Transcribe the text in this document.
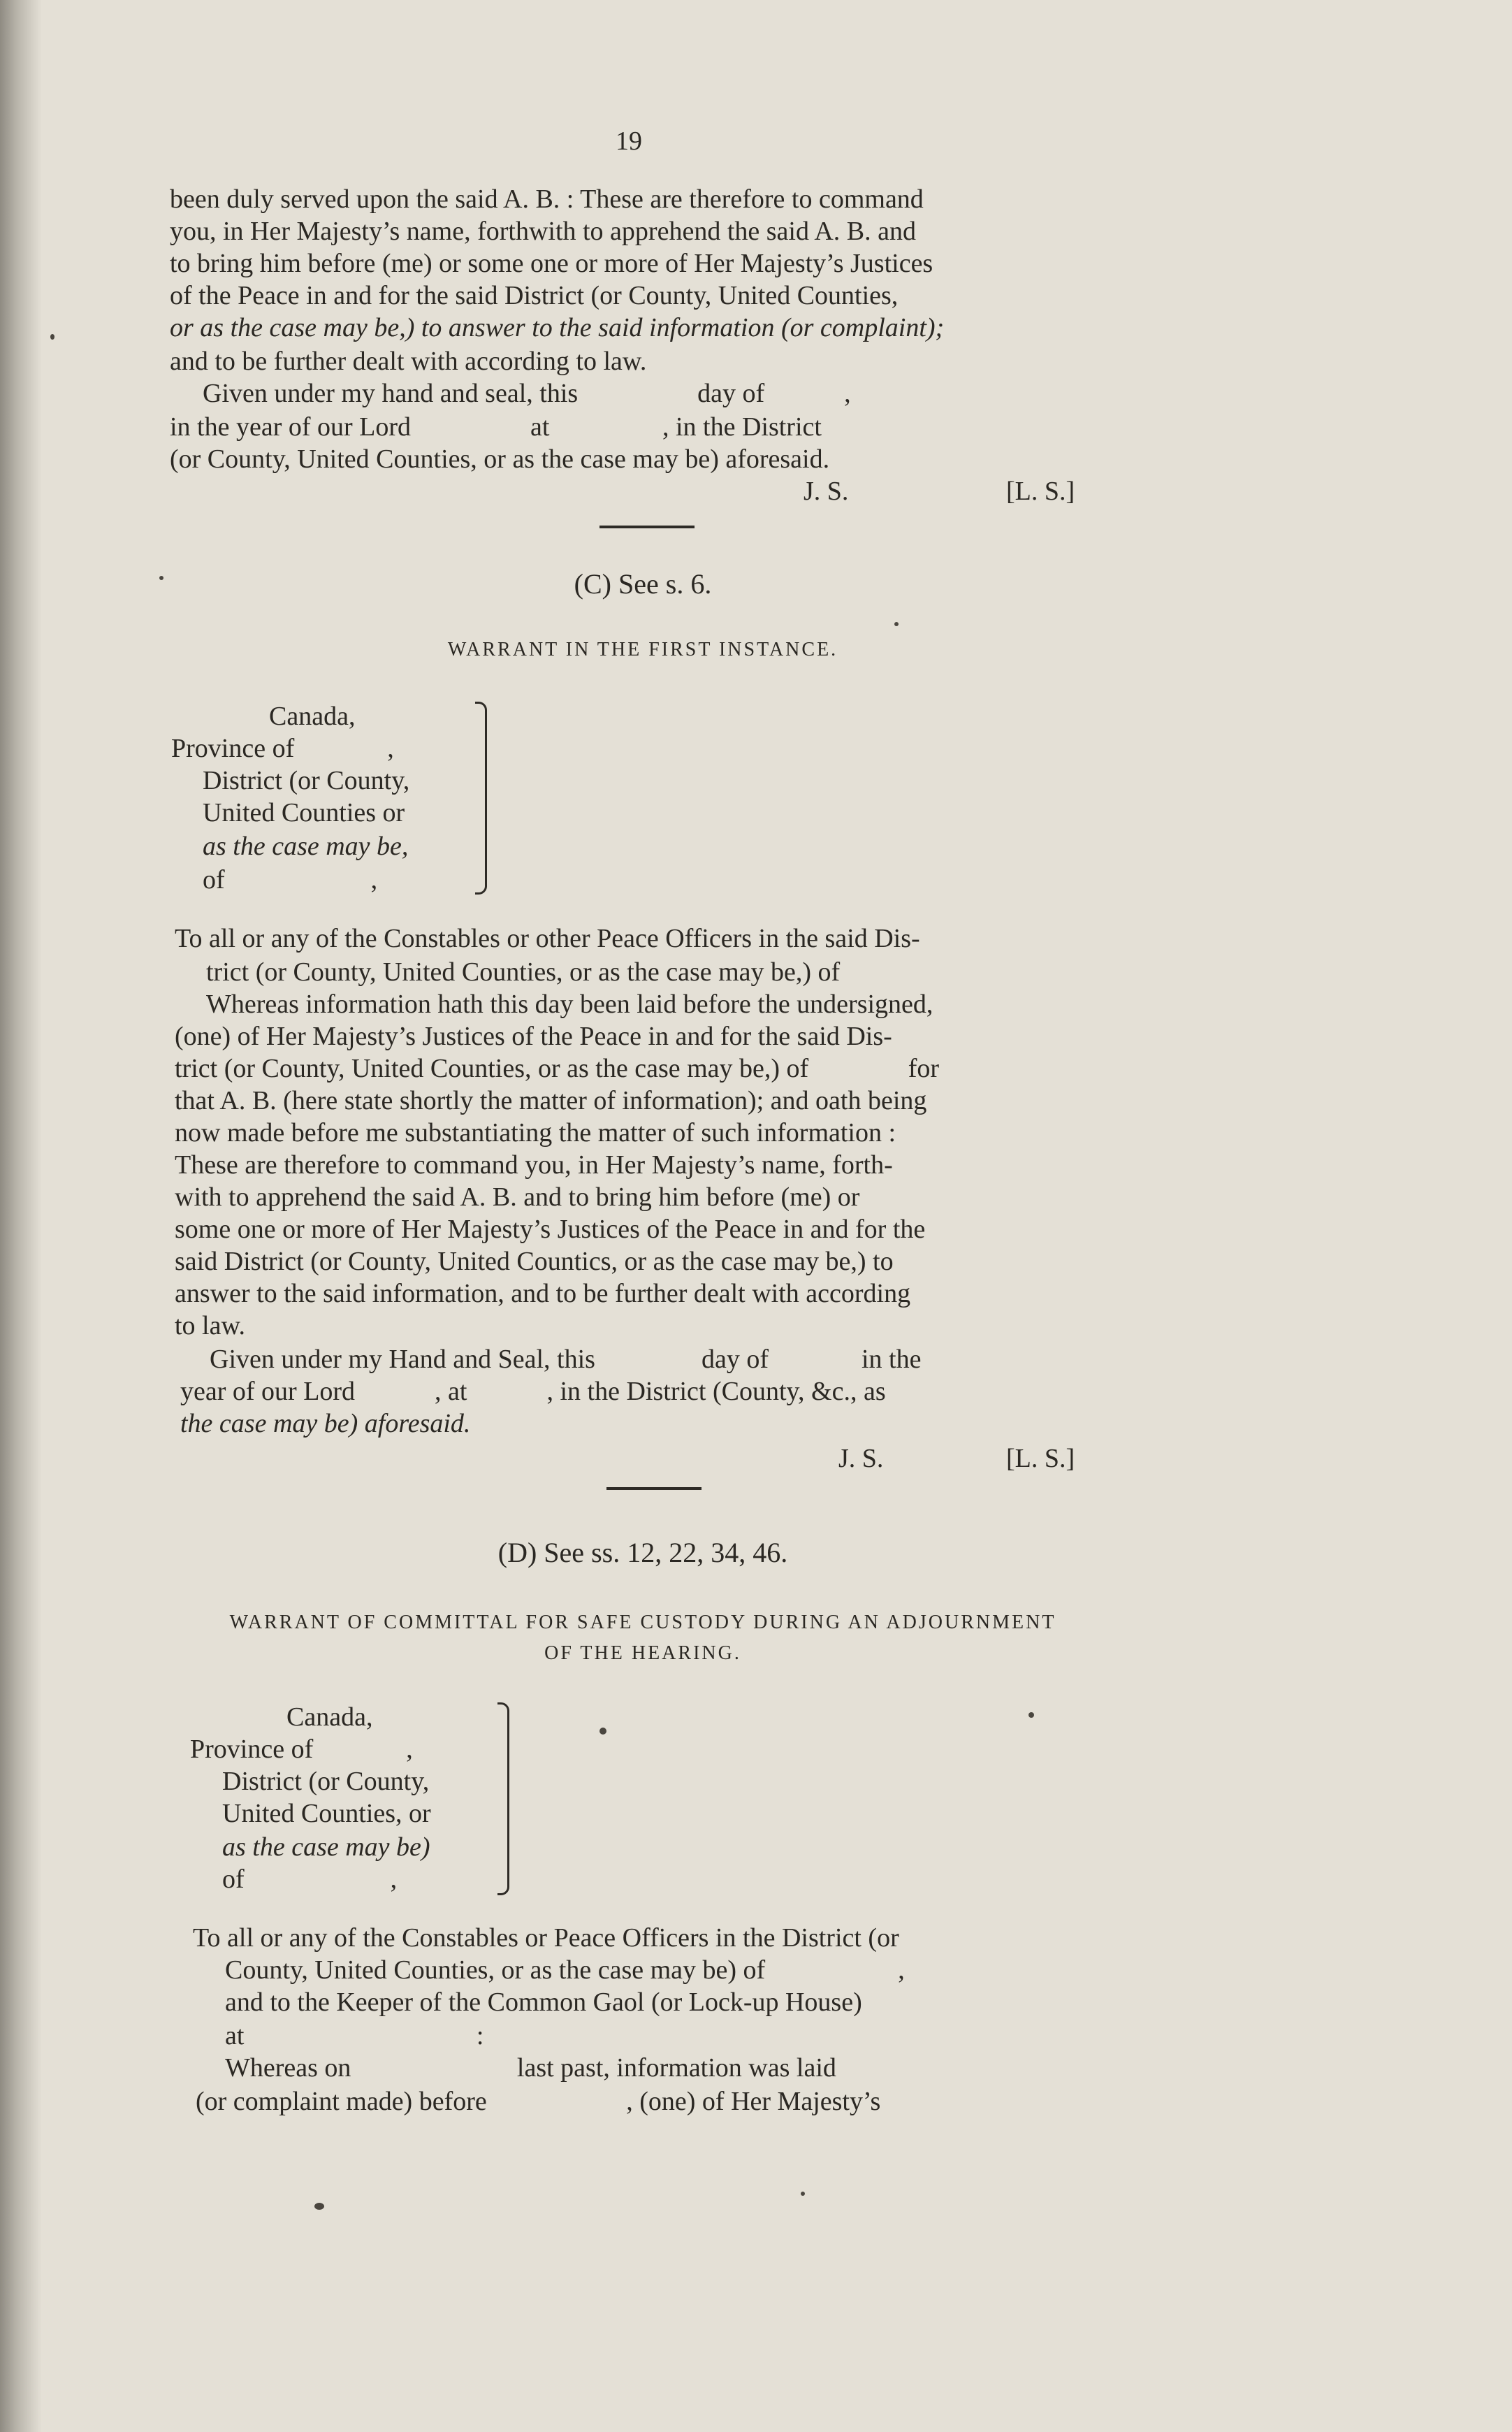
19
been duly served upon the said A. B. : These are therefore to command
you, in Her Majesty’s name, forthwith to apprehend the said A. B. and
to bring him before (me) or some one or more of Her Majesty’s Justices
of the Peace in and for the said District (or County, United Counties,
or as the case may be,) to answer to the said information (or complaint);
and to be further dealt with according to law.
Given under my hand and seal, this                  day of            ,
in the year of our Lord                  at                 , in the District
(or County, United Counties, or as the case may be) aforesaid.
J. S.	[L. S.]
(C) See s. 6.
WARRANT IN THE FIRST INSTANCE.
Canada,
Province of              ,
District (or County,
United Counties or
as the case may be,
of                      ,
To all or any of the Constables or other Peace Officers in the said Dis-
trict (or County, United Counties, or as the case may be,) of
Whereas information hath this day been laid before the undersigned,
(one) of Her Majesty’s Justices of the Peace in and for the said Dis-
trict (or County, United Counties, or as the case may be,) of               for
that A. B. (here state shortly the matter of information); and oath being
now made before me substantiating the matter of such information :
These are therefore to command you, in Her Majesty’s name, forth-
with to apprehend the said A. B. and to bring him before (me) or
some one or more of Her Majesty’s Justices of the Peace in and for the
said District (or County, United Countics, or as the case may be,) to
answer to the said information, and to be further dealt with according
to law.
Given under my Hand and Seal, this                day of              in the
year of our Lord            , at            , in the District (County, &c., as
the case may be) aforesaid.
J. S.	[L. S.]
(D) See ss. 12, 22, 34, 46.
WARRANT OF COMMITTAL FOR SAFE CUSTODY DURING AN ADJOURNMENT
OF THE HEARING.
Canada,
Province of              ,
District (or County,
United Counties, or
as the case may be)
of                      ,
To all or any of the Constables or Peace Officers in the District (or
County, United Counties, or as the case may be) of                    ,
and to the Keeper of the Common Gaol (or Lock-up House)
at                                   :
Whereas on                         last past, information was laid
(or complaint made) before                     , (one) of Her Majesty’s
